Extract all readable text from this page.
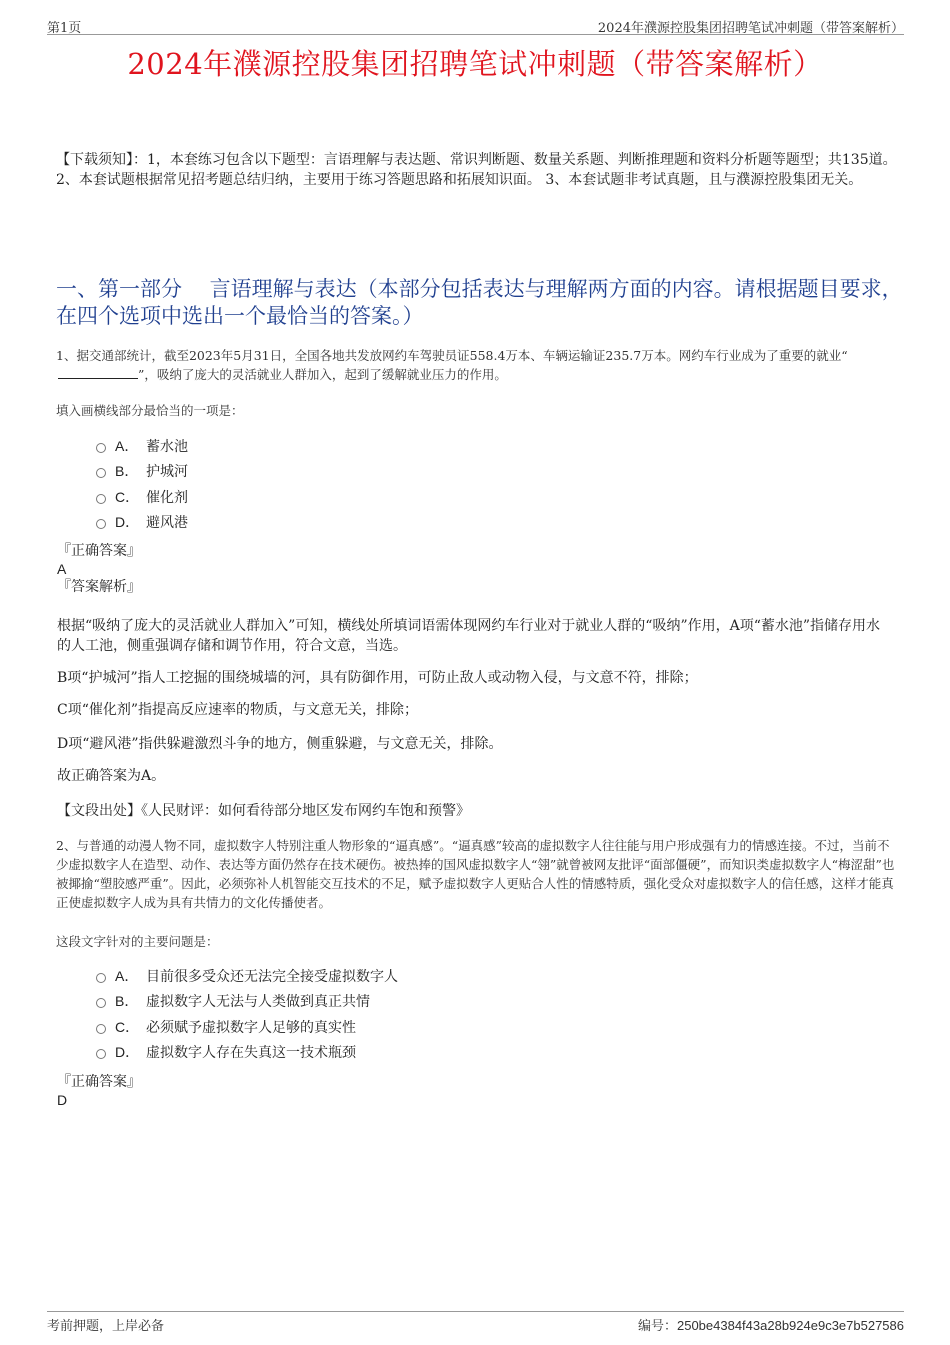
第1页	2024年濮源控股集团招聘笔试冲刺题（带答案解析）
2024年濮源控股集团招聘笔试冲刺题（带答案解析）
【下载须知】：1，本套练习包含以下题型：言语理解与表达题、常识判断题、数量关系题、判断推理题和资料分析题等题型；共135道。 2、本套试题根据常见招考题总结归纳，主要用于练习答题思路和拓展知识面。 3、本套试题非考试真题，且与濮源控股集团无关。
一、第一部分　 言语理解与表达（本部分包括表达与理解两方面的内容。请根据题目要求，在四个选项中选出一个最恰当的答案。）
1、据交通部统计，截至2023年5月31日，全国各地共发放网约车驾驶员证558.4万本、车辆运输证235.7万本。网约车行业成为了重要的就业“
”，吸纳了庞大的灵活就业人群加入，起到了缓解就业压力的作用。
填入画横线部分最恰当的一项是：
A． 蓄水池
B． 护城河
C． 催化剂
D． 避风港
『正确答案』
A
『答案解析』
根据“吸纳了庞大的灵活就业人群加入”可知，横线处所填词语需体现网约车行业对于就业人群的“吸纳”作用，A项“蓄水池”指储存用水的人工池，侧重强调存储和调节作用，符合文意，当选。
B项“护城河”指人工挖掘的围绕城墙的河，具有防御作用，可防止敌人或动物入侵，与文意不符，排除；
C项“催化剂”指提高反应速率的物质，与文意无关，排除；
D项“避风港”指供躲避激烈斗争的地方，侧重躲避，与文意无关，排除。
故正确答案为A。
【文段出处】《人民财评：如何看待部分地区发布网约车饱和预警》
2、与普通的动漫人物不同，虚拟数字人特别注重人物形象的“逼真感”。“逼真感”较高的虚拟数字人往往能与用户形成强有力的情感连接。不过，当前不少虚拟数字人在造型、动作、表达等方面仍然存在技术硬伤。被热捧的国风虚拟数字人“翎”就曾被网友批评“面部僵硬”，而知识类虚拟数字人“梅涩甜”也被揶揄“塑胶感严重”。因此，必须弥补人机智能交互技术的不足，赋予虚拟数字人更贴合人性的情感特质，强化受众对虚拟数字人的信任感，这样才能真正使虚拟数字人成为具有共情力的文化传播使者。
这段文字针对的主要问题是：
A． 目前很多受众还无法完全接受虚拟数字人
B． 虚拟数字人无法与人类做到真正共情
C． 必须赋予虚拟数字人足够的真实性
D． 虚拟数字人存在失真这一技术瓶颈
『正确答案』
D
考前押题，上岸必备	编号：250be4384f43a28b924e9c3e7b527586
